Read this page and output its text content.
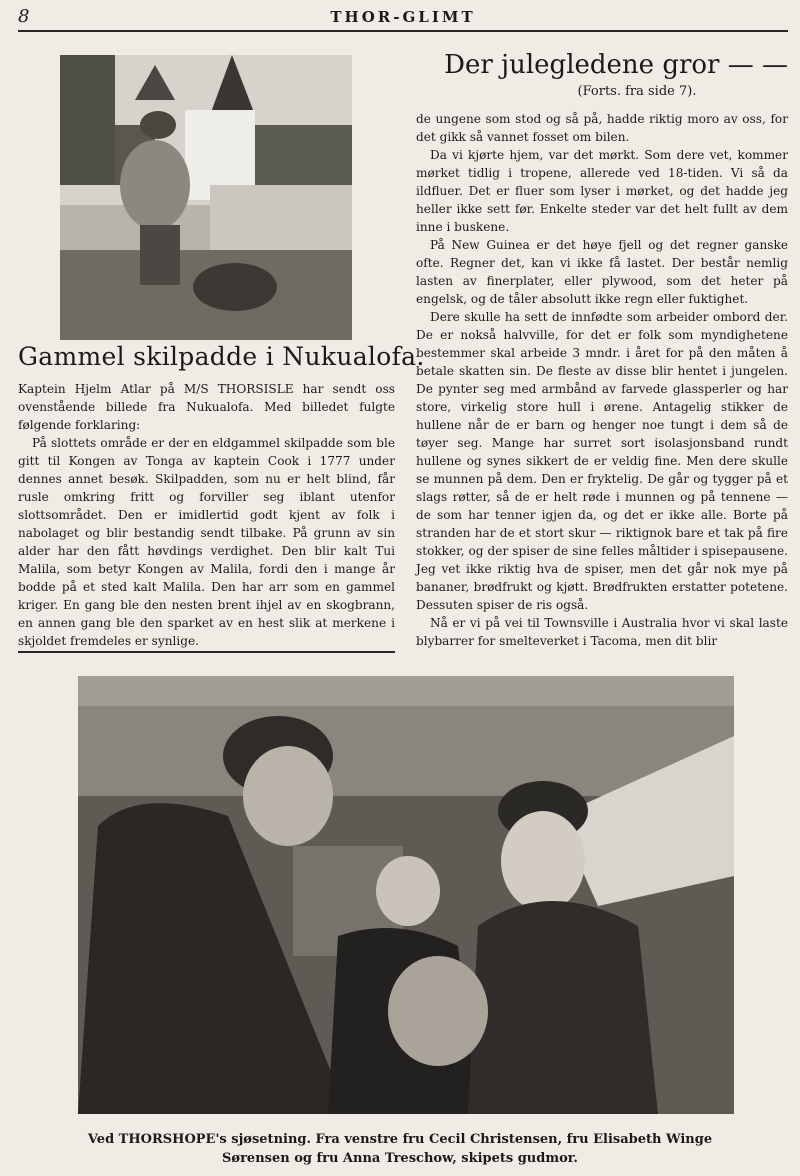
8	THOR-GLIMT
Gammel skilpadde i Nukualofa.

Kaptein Hjelm Atlar på M/S THORSISLE har sendt oss ovenstående billede fra Nukualofa. Med billedet fulgte følgende forklaring:

På slottets område er der en eldgammel skilpadde som ble gitt til Kongen av Tonga av kaptein Cook i 1777 under dennes annet besøk. Skilpadden, som nu er helt blind, får rusle omkring fritt og forviller seg iblant utenfor slottsområdet. Den er imidlertid godt kjent av folk i nabolaget og blir bestandig sendt tilbake. På grunn av sin alder har den fått høvdings verdighet. Den blir kalt Tui Malila, som betyr Kongen av Malila, fordi den i mange år bodde på et sted kalt Malila. Den har arr som en gammel kriger. En gang ble den nesten brent ihjel av en skogbrann, en annen gang ble den sparket av en hest slik at merkene i skjoldet fremdeles er synlige.

Der julegledene gror — —
(Forts. fra side 7).

de ungene som stod og så på, hadde riktig moro av oss, for det gikk så vannet fosset om bilen.

Da vi kjørte hjem, var det mørkt. Som dere vet, kommer mørket tidlig i tropene, allerede ved 18-tiden. Vi så da ildfluer. Det er fluer som lyser i mørket, og det hadde jeg heller ikke sett før. Enkelte steder var det helt fullt av dem inne i buskene.

På New Guinea er det høye fjell og det regner ganske ofte. Regner det, kan vi ikke få lastet. Der består nemlig lasten av finerplater, eller plywood, som det heter på engelsk, og de tåler absolutt ikke regn eller fuktighet.

Dere skulle ha sett de innfødte som arbeider ombord der. De er nokså halvville, for det er folk som myndighetene bestemmer skal arbeide 3 mndr. i året for på den måten å betale skatten sin. De fleste av disse blir hentet i jungelen. De pynter seg med armbånd av farvede glassperler og har store, virkelig store hull i ørene. Antagelig stikker de hullene når de er barn og henger noe tungt i dem så de tøyer seg. Mange har surret sort isolasjonsband rundt hullene og synes sikkert de er veldig fine. Men dere skulle se munnen på dem. Den er fryktelig. De går og tygger på et slags røtter, så de er helt røde i munnen og på tennene — de som har tenner igjen da, og det er ikke alle. Borte på stranden har de et stort skur — riktignok bare et tak på fire stokker, og der spiser de sine felles måltider i spisepausene. Jeg vet ikke riktig hva de spiser, men det går nok mye på bananer, brødfrukt og kjøtt. Brødfrukten erstatter potetene. Dessuten spiser de ris også.

Nå er vi på vei til Townsville i Australia hvor vi skal laste blybarrer for smelteverket i Tacoma, men dit blir

Ved THORSHOPE's sjøsetning. Fra venstre fru Cecil Christensen, fru Elisabeth Winge
Sørensen og fru Anna Treschow, skipets gudmor.
